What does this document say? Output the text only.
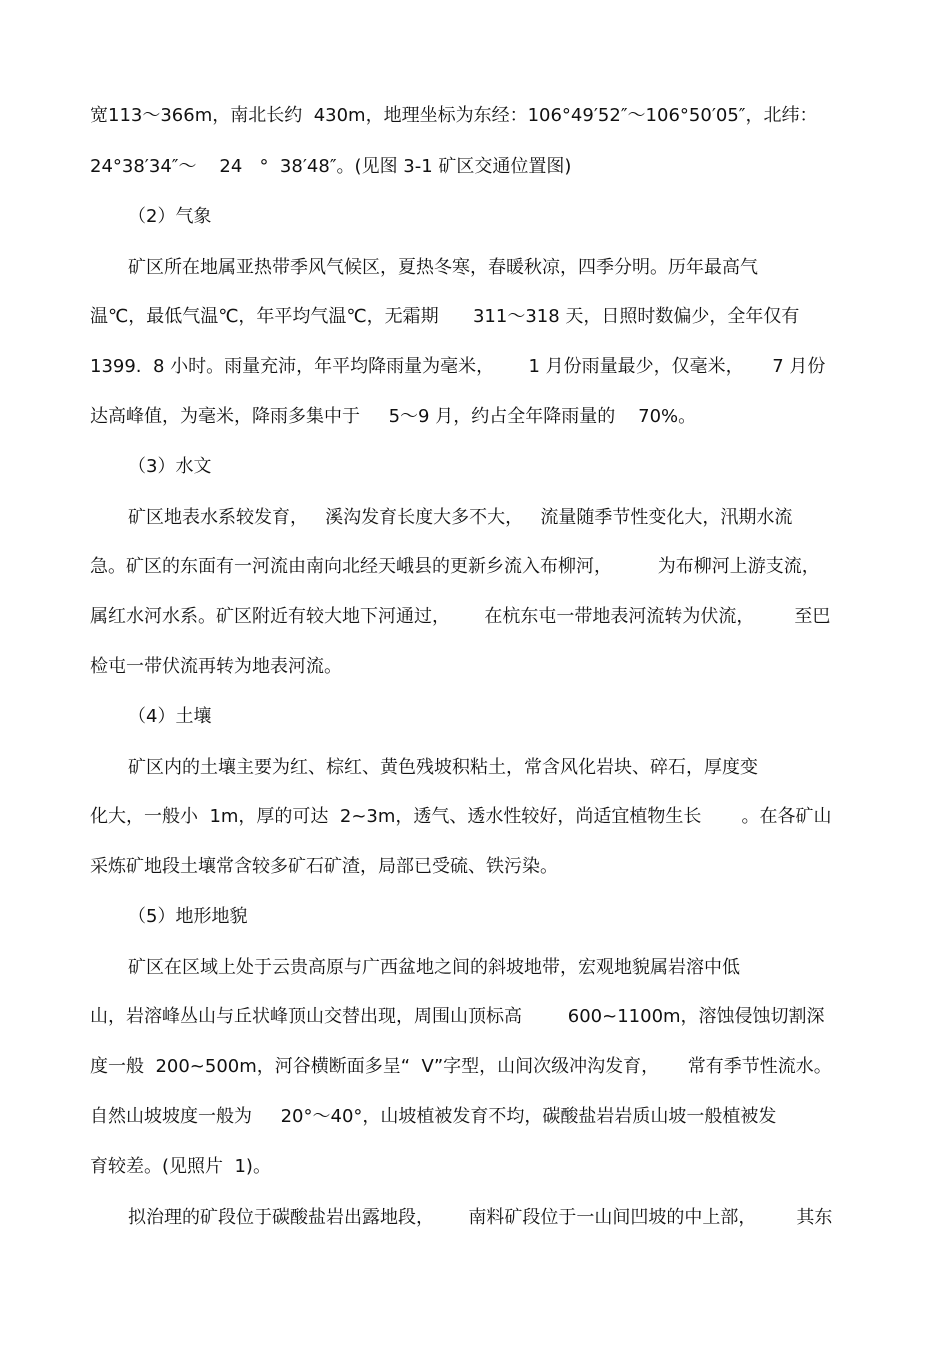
宽113～366m，南北长约  430m，地理坐标为东经：106°49′52″～106°50′05″，北纬：
24°38′34″～    24   °  38′48″。(见图 3-1 矿区交通位置图)
（2）气象
矿区所在地属亚热带季风气候区，夏热冬寒，春暖秋凉，四季分明。历年最高气
温℃，最低气温℃，年平均气温℃，无霜期      311～318 天，日照时数偏少，全年仅有
1399.  8 小时。雨量充沛，年平均降雨量为毫米，      1 月份雨量最少，仅毫米，     7 月份
达高峰值，为毫米，降雨多集中于     5～9 月，约占全年降雨量的    70%。
（3）水文
矿区地表水系较发育，   溪沟发育长度大多不大，   流量随季节性变化大，汛期水流
急。矿区的东面有一河流由南向北经天峨县的更新乡流入布柳河，        为布柳河上游支流，
属红水河水系。矿区附近有较大地下河通过，      在杭东屯一带地表河流转为伏流，       至巴
检屯一带伏流再转为地表河流。
（4）土壤
矿区内的土壤主要为红、棕红、黄色残坡积粘土，常含风化岩块、碎石，厚度变
化大，一般小  1m，厚的可达  2~3m，透气、透水性较好，尚适宜植物生长       。在各矿山
采炼矿地段土壤常含较多矿石矿渣，局部已受硫、铁污染。
（5）地形地貌
矿区在区域上处于云贵高原与广西盆地之间的斜坡地带，宏观地貌属岩溶中低
山，岩溶峰丛山与丘状峰顶山交替出现，周围山顶标高        600~1100m，溶蚀侵蚀切割深
度一般  200~500m，河谷横断面多呈“  V”字型，山间次级冲沟发育，     常有季节性流水。
自然山坡坡度一般为     20°～40°，山坡植被发育不均，碳酸盐岩岩质山坡一般植被发
育较差。(见照片  1)。
拟治理的矿段位于碳酸盐岩出露地段，      南料矿段位于一山间凹坡的中上部，       其东
